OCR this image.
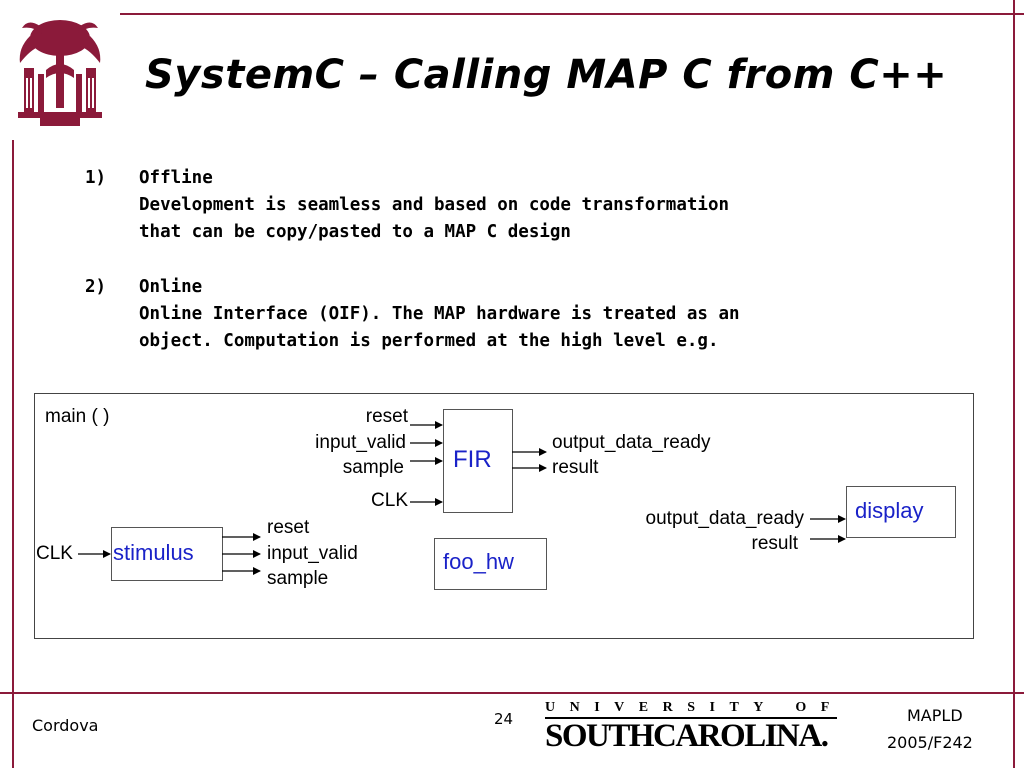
SystemC – Calling MAP C from C++
1) Offline
Development is seamless and based on code transformation
that can be copy/pasted to a MAP C design
2) Online
Online Interface (OIF). The MAP hardware is treated as an
object. Computation is performed at the high level e.g.
main ( )
FIR
reset
input_valid
sample
CLK
output_data_ready
result
stimulus
CLK
reset
input_valid
sample
foo_hw
display
output_data_ready
result
Cordova	24
UNIVERSITY OF
SOUTHCAROLINA.
MAPLD
2005/F242
